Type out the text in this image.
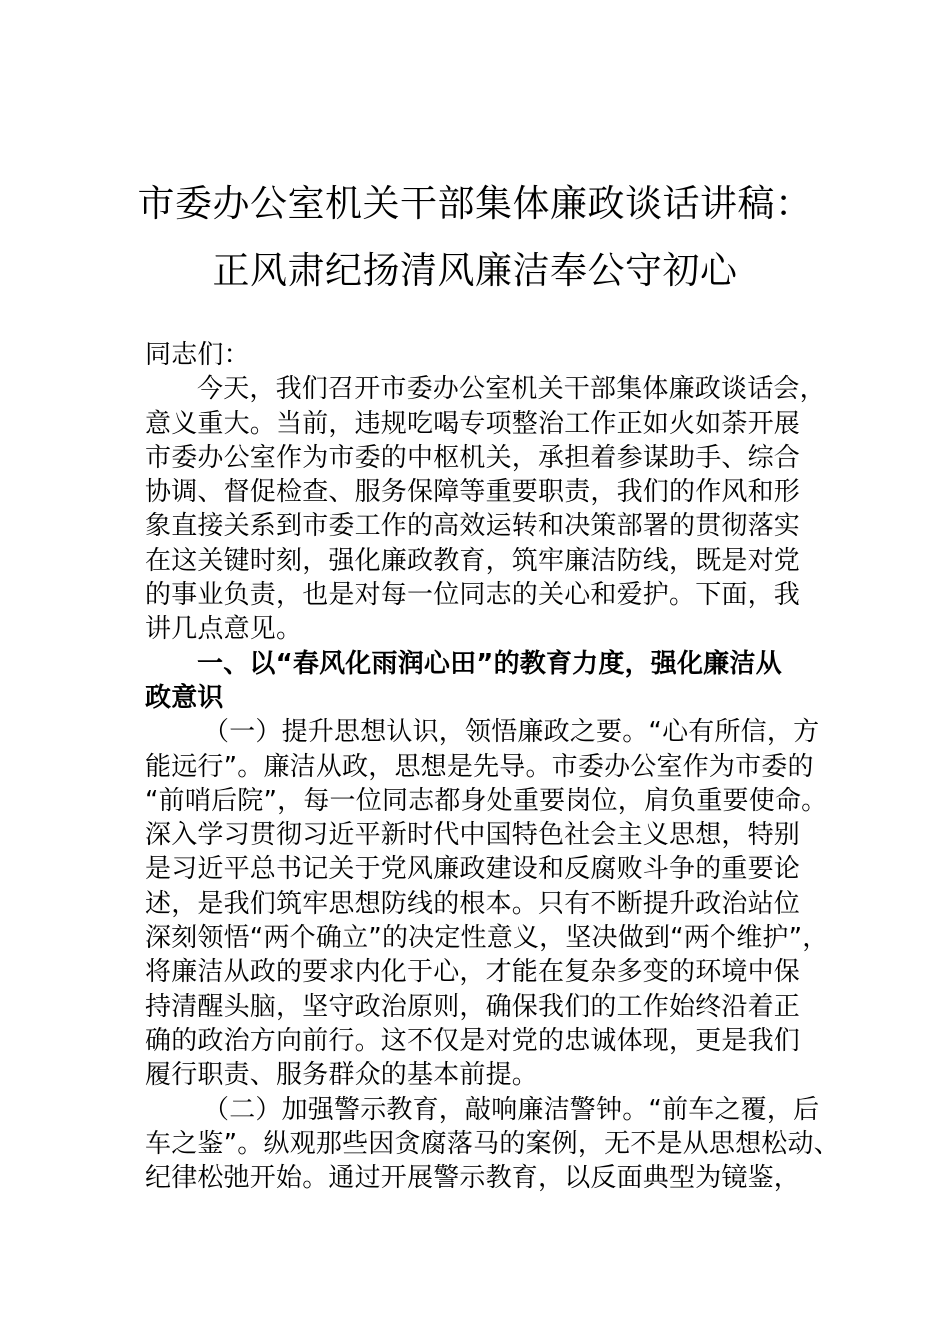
市委办公室机关干部集体廉政谈话讲稿：
正风肃纪扬清风廉洁奉公守初心
同志们：
今天，我们召开市委办公室机关干部集体廉政谈话会，
意义重大。当前，违规吃喝专项整治工作正如火如荼开展
市委办公室作为市委的中枢机关，承担着参谋助手、综合
协调、督促检查、服务保障等重要职责，我们的作风和形
象直接关系到市委工作的高效运转和决策部署的贯彻落实
在这关键时刻，强化廉政教育，筑牢廉洁防线，既是对党
的事业负责，也是对每一位同志的关心和爱护。下面，我
讲几点意见。
一、以“春风化雨润心田”的教育力度，强化廉洁从
政意识
（一）提升思想认识，领悟廉政之要。“心有所信，方
能远行”。廉洁从政，思想是先导。市委办公室作为市委的
“前哨后院”，每一位同志都身处重要岗位，肩负重要使命。
深入学习贯彻习近平新时代中国特色社会主义思想，特别
是习近平总书记关于党风廉政建设和反腐败斗争的重要论
述，是我们筑牢思想防线的根本。只有不断提升政治站位
深刻领悟“两个确立”的决定性意义，坚决做到“两个维护”，
将廉洁从政的要求内化于心，才能在复杂多变的环境中保
持清醒头脑，坚守政治原则，确保我们的工作始终沿着正
确的政治方向前行。这不仅是对党的忠诚体现，更是我们
履行职责、服务群众的基本前提。
（二）加强警示教育，敲响廉洁警钟。“前车之覆，后
车之鉴”。纵观那些因贪腐落马的案例，无不是从思想松动、
纪律松弛开始。通过开展警示教育，以反面典型为镜鉴，
